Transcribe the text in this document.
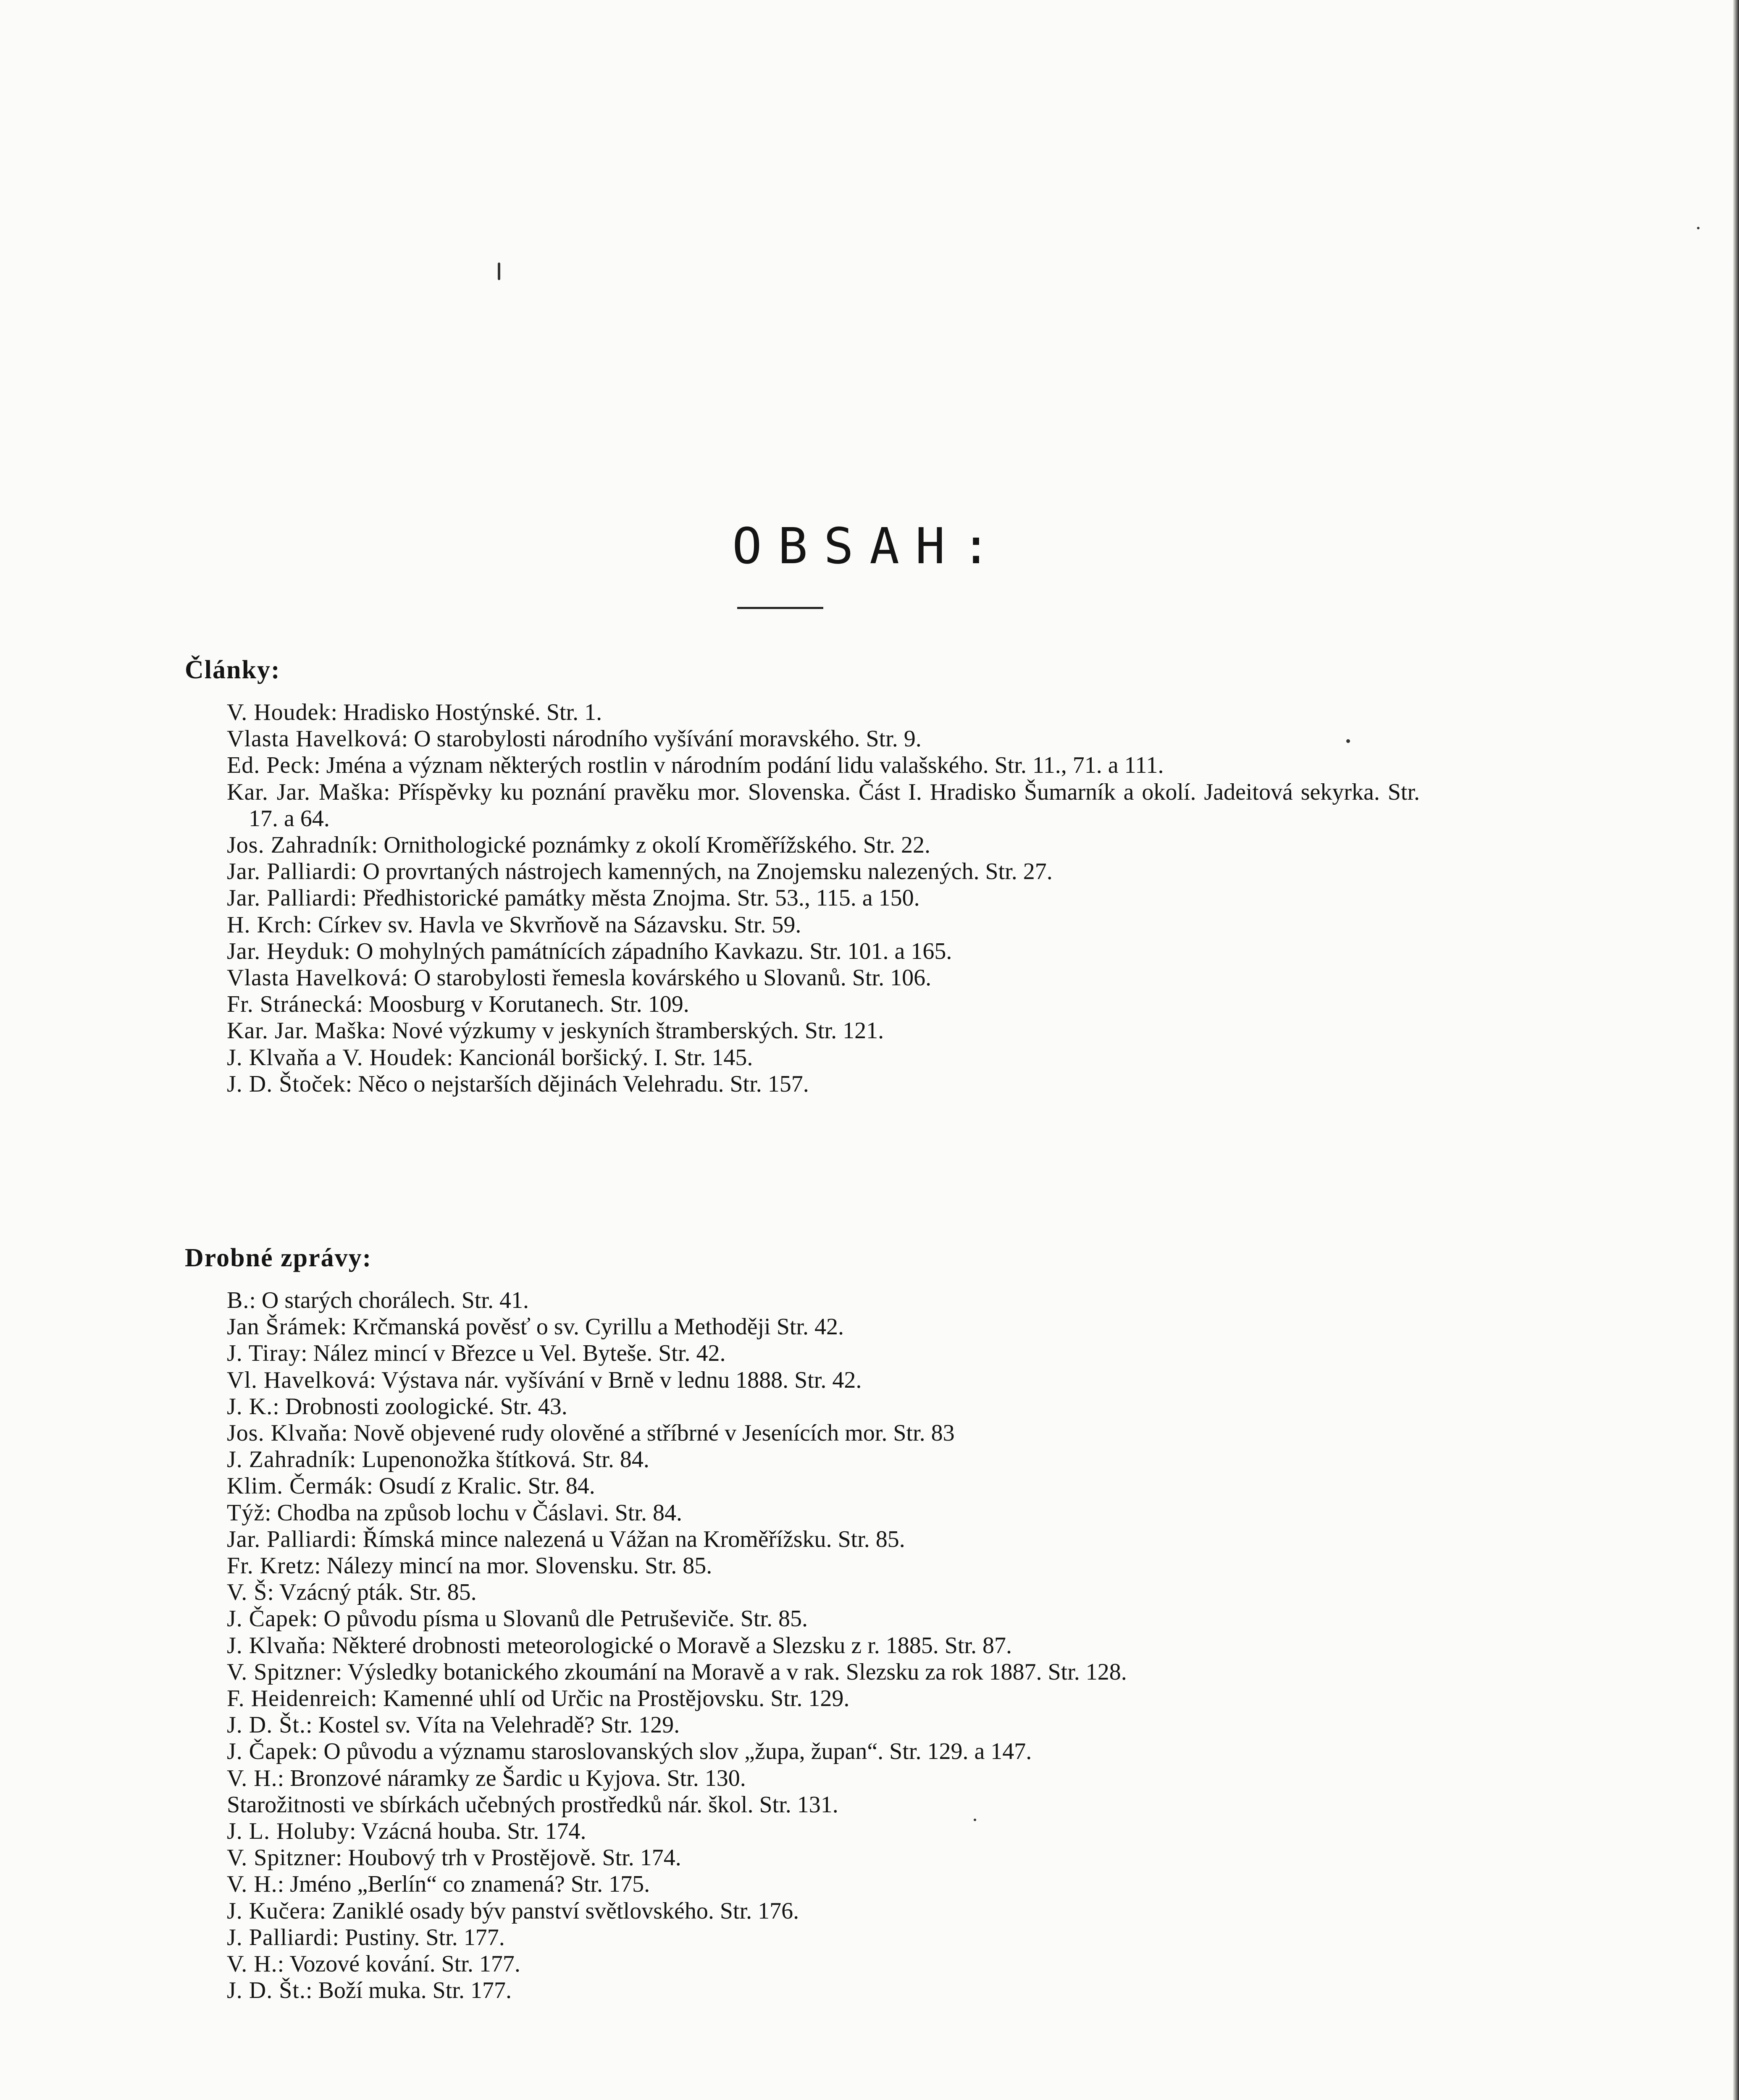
OBSAH:
Články:
V. Houdek: Hradisko Hostýnské. Str. 1.
Vlasta Havelková: O starobylosti národního vyšívání moravského. Str. 9.
Ed. Peck: Jména a význam některých rostlin v národním podání lidu valašského. Str. 11., 71. a 111.
Kar. Jar. Maška: Příspěvky ku poznání pravěku mor. Slovenska. Část I. Hradisko Šumarník a okolí. Jadeitová sekyrka. Str. 17. a 64.
Jos. Zahradník: Ornithologické poznámky z okolí Kroměřížského. Str. 22.
Jar. Palliardi: O provrtaných nástrojech kamenných, na Znojemsku nalezených. Str. 27.
Jar. Palliardi: Předhistorické památky města Znojma. Str. 53., 115. a 150.
H. Krch: Církev sv. Havla ve Skvrňově na Sázavsku. Str. 59.
Jar. Heyduk: O mohylných památnících západního Kavkazu. Str. 101. a 165.
Vlasta Havelková: O starobylosti řemesla kovárského u Slovanů. Str. 106.
Fr. Stránecká: Moosburg v Korutanech. Str. 109.
Kar. Jar. Maška: Nové výzkumy v jeskyních štramberských. Str. 121.
J. Klvaňa a V. Houdek: Kancionál boršický. I. Str. 145.
J. D. Štoček: Něco o nejstarších dějinách Velehradu. Str. 157.
Drobné zprávy:
B.: O starých chorálech. Str. 41.
Jan Šrámek: Krčmanská pověsť o sv. Cyrillu a Methoději Str. 42.
J. Tiray: Nález mincí v Březce u Vel. Byteše. Str. 42.
Vl. Havelková: Výstava nár. vyšívání v Brně v lednu 1888. Str. 42.
J. K.: Drobnosti zoologické. Str. 43.
Jos. Klvaňa: Nově objevené rudy olověné a stříbrné v Jesenících mor. Str. 83
J. Zahradník: Lupenonožka štítková. Str. 84.
Klim. Čermák: Osudí z Kralic. Str. 84.
Týž: Chodba na způsob lochu v Čáslavi. Str. 84.
Jar. Palliardi: Římská mince nalezená u Vážan na Kroměřížsku. Str. 85.
Fr. Kretz: Nálezy mincí na mor. Slovensku. Str. 85.
V. Š: Vzácný pták. Str. 85.
J. Čapek: O původu písma u Slovanů dle Petruševiče. Str. 85.
J. Klvaňa: Některé drobnosti meteorologické o Moravě a Slezsku z r. 1885. Str. 87.
V. Spitzner: Výsledky botanického zkoumání na Moravě a v rak. Slezsku za rok 1887. Str. 128.
F. Heidenreich: Kamenné uhlí od Určic na Prostějovsku. Str. 129.
J. D. Št.: Kostel sv. Víta na Velehradě? Str. 129.
J. Čapek: O původu a významu staroslovanských slov „župa, župan“. Str. 129. a 147.
V. H.: Bronzové náramky ze Šardic u Kyjova. Str. 130.
Starožitnosti ve sbírkách učebných prostředků nár. škol. Str. 131.
J. L. Holuby: Vzácná houba. Str. 174.
V. Spitzner: Houbový trh v Prostějově. Str. 174.
V. H.: Jméno „Berlín“ co znamená? Str. 175.
J. Kučera: Zaniklé osady býv panství světlovského. Str. 176.
J. Palliardi: Pustiny. Str. 177.
V. H.: Vozové kování. Str. 177.
J. D. Št.: Boží muka. Str. 177.
